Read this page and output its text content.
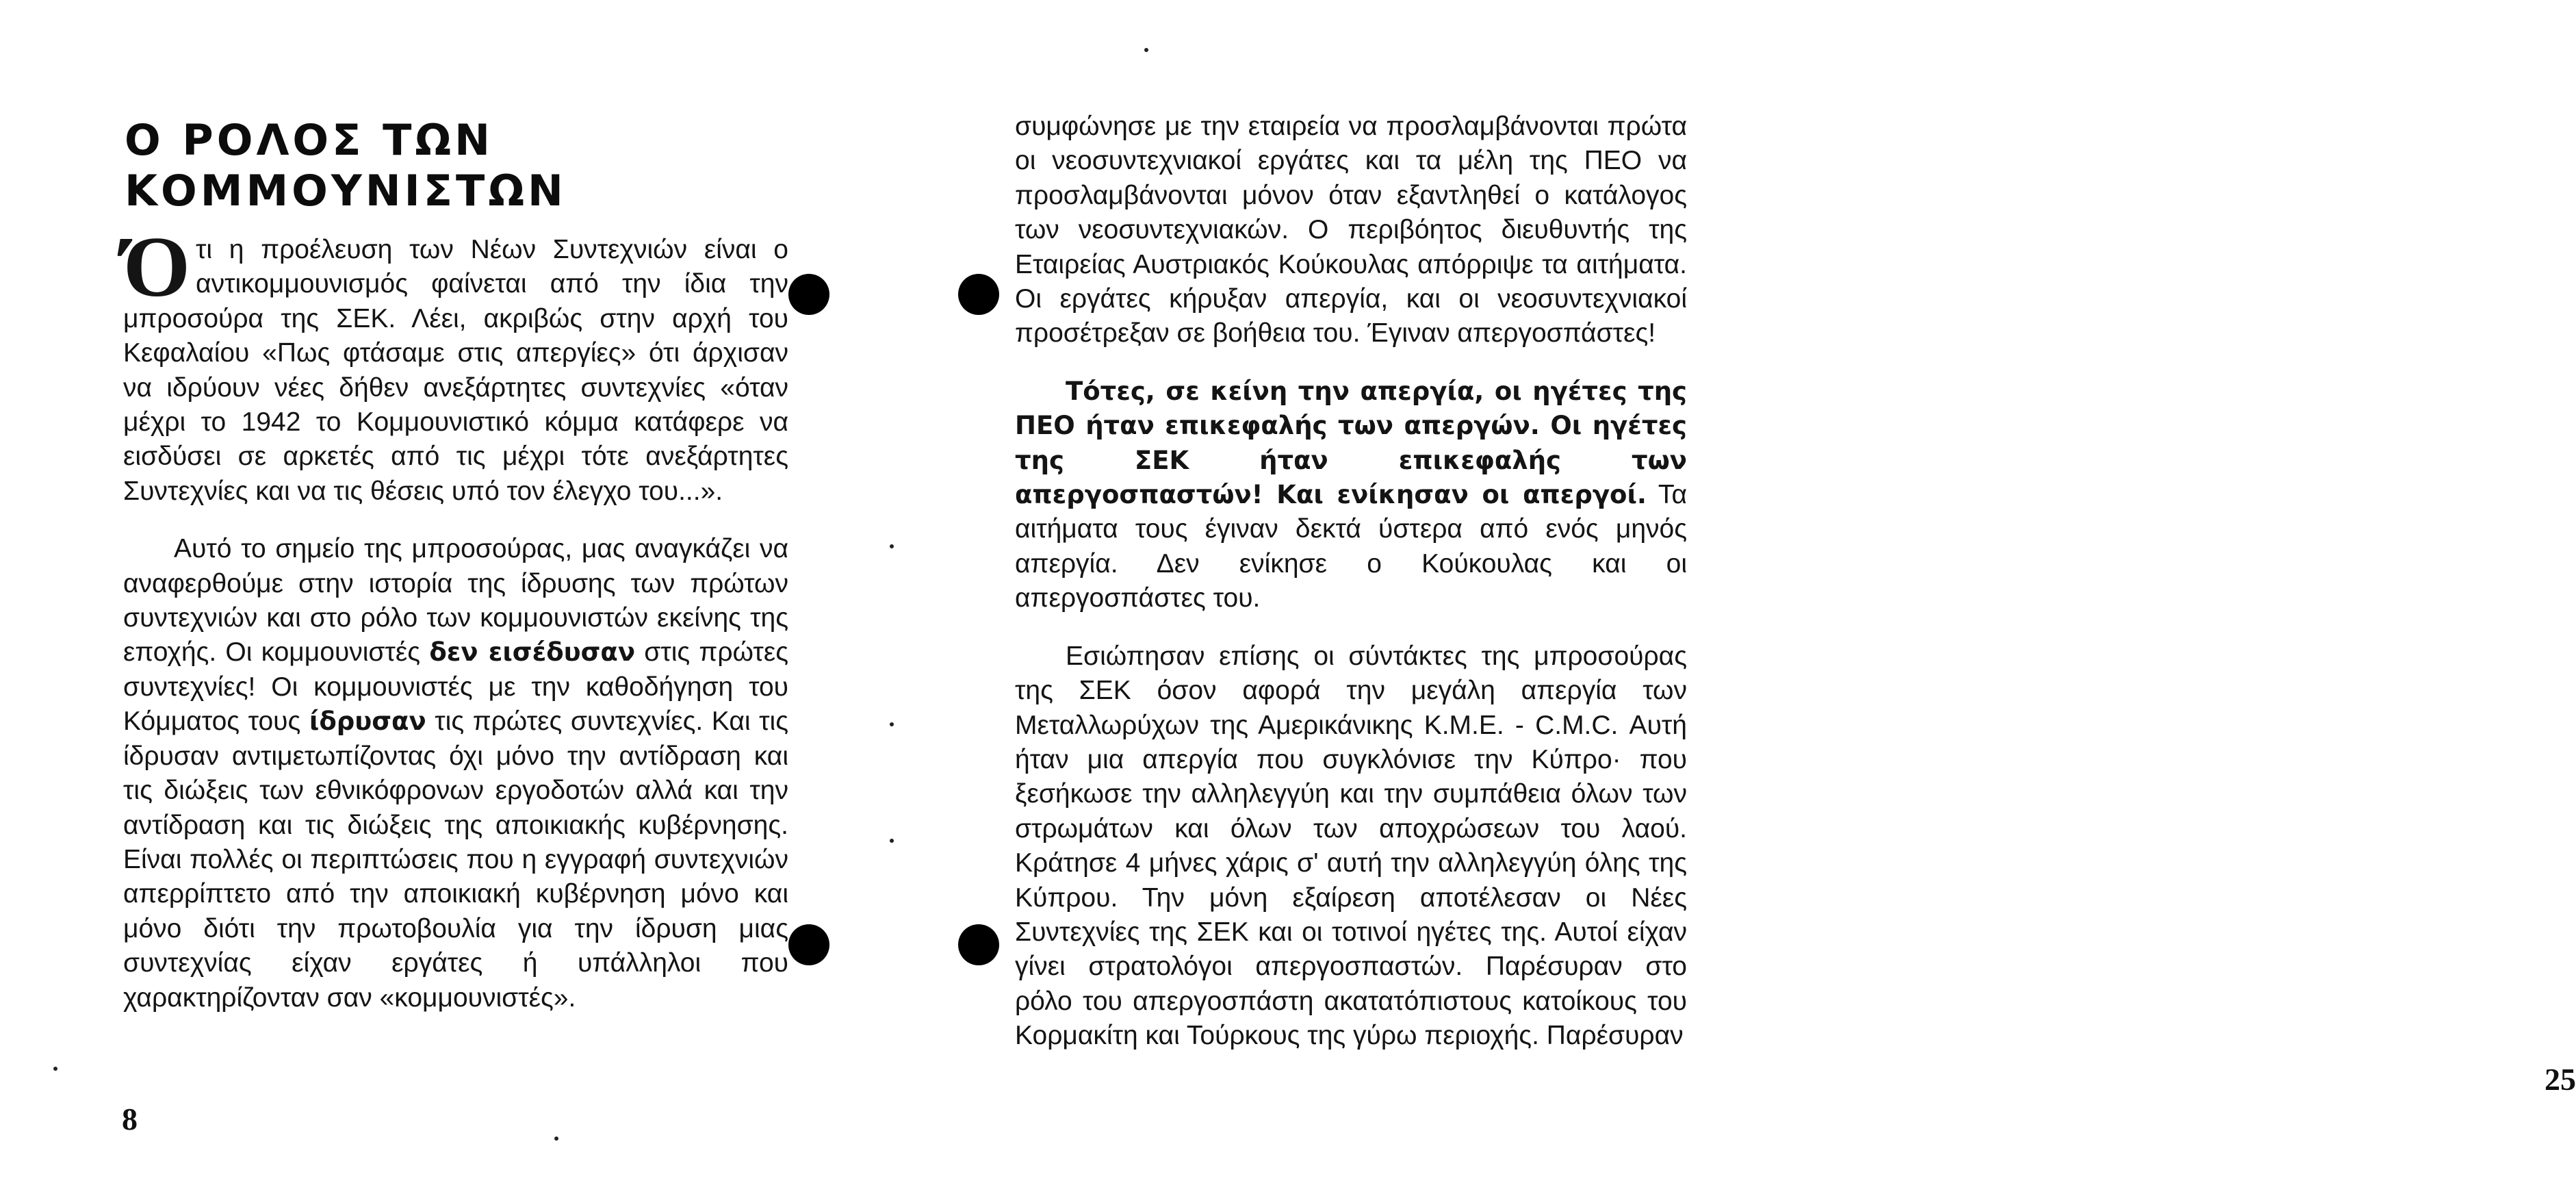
Ο ΡΟΛΟΣ ΤΩΝ ΚΟΜΜΟΥΝΙΣΤΩΝ

Ότι η προέλευση των Νέων Συντεχνιών είναι ο αντικομμουνισμός φαίνεται από την ίδια την μπροσούρα της ΣΕΚ. Λέει, ακριβώς στην αρχή του Κεφαλαίου «Πως φτάσαμε στις απεργίες» ότι άρχισαν να ιδρύουν νέες δήθεν ανεξάρτητες συντεχνίες «όταν μέχρι το 1942 το Κομμουνιστικό κόμμα κατάφερε να εισδύσει σε αρκετές από τις μέχρι τότε ανεξάρτητες Συντεχνίες και να τις θέσεις υπό τον έλεγχο του...».

Αυτό το σημείο της μπροσούρας, μας αναγκάζει να αναφερθούμε στην ιστορία της ίδρυσης των πρώτων συντεχνιών και στο ρόλο των κομμουνιστών εκείνης της εποχής. Οι κομμουνιστές δεν εισέδυσαν στις πρώτες συντεχνίες! Οι κομμουνιστές με την καθοδήγηση του Κόμματος τους ίδρυσαν τις πρώτες συντεχνίες. Και τις ίδρυσαν αντιμετωπίζοντας όχι μόνο την αντίδραση και τις διώξεις των εθνικόφρονων εργοδοτών αλλά και την αντίδραση και τις διώξεις της αποικιακής κυβέρνησης. Είναι πολλές οι περιπτώσεις που η εγγραφή συντεχνιών απερρίπτετο από την αποικιακή κυβέρνηση μόνο και μόνο διότι την πρωτοβουλία για την ίδρυση μιας συντεχνίας είχαν εργάτες ή υπάλληλοι που χαρακτηρίζονταν σαν «κομμουνιστές».

8
25

συμφώνησε με την εταιρεία να προσλαμβάνονται πρώτα οι νεοσυντεχνιακοί εργάτες και τα μέλη της ΠΕΟ να προσλαμβάνονται μόνον όταν εξαντληθεί ο κατάλογος των νεοσυντεχνιακών. Ο περιβόητος διευθυντής της Εταιρείας Αυστριακός Κούκουλας απόρριψε τα αιτήματα. Οι εργάτες κήρυξαν απεργία, και οι νεοσυντεχνιακοί προσέτρεξαν σε βοήθεια του. Έγιναν απεργοσπάστες!

Τότες, σε κείνη την απεργία, οι ηγέτες της ΠΕΟ ήταν επικεφαλής των απεργών. Οι ηγέτες της ΣΕΚ ήταν επικεφαλής των απεργοσπαστών! Και ενίκησαν οι απεργοί. Τα αιτήματα τους έγιναν δεκτά ύστερα από ενός μηνός απεργία. Δεν ενίκησε ο Κούκουλας και οι απεργοσπάστες του.

Εσιώπησαν επίσης οι σύντάκτες της μπροσούρας της ΣΕΚ όσον αφορά την μεγάλη απεργία των Μεταλλωρύχων της Αμερικάνικης Κ.Μ.Ε. - C.M.C. Αυτή ήταν μια απεργία που συγκλόνισε την Κύπρο· που ξεσήκωσε την αλληλεγγύη και την συμπάθεια όλων των στρωμάτων και όλων των αποχρώσεων του λαού. Κράτησε 4 μήνες χάρις σ' αυτή την αλληλεγγύη όλης της Κύπρου. Την μόνη εξαίρεση αποτέλεσαν οι Νέες Συντεχνίες της ΣΕΚ και οι τοτινοί ηγέτες της. Αυτοί είχαν γίνει στρατολόγοι απεργοσπαστών. Παρέσυραν στο ρόλο του απεργοσπάστη ακατατόπιστους κατοίκους του Κορμακίτη και Τούρκους της γύρω περιοχής. Παρέσυραν
